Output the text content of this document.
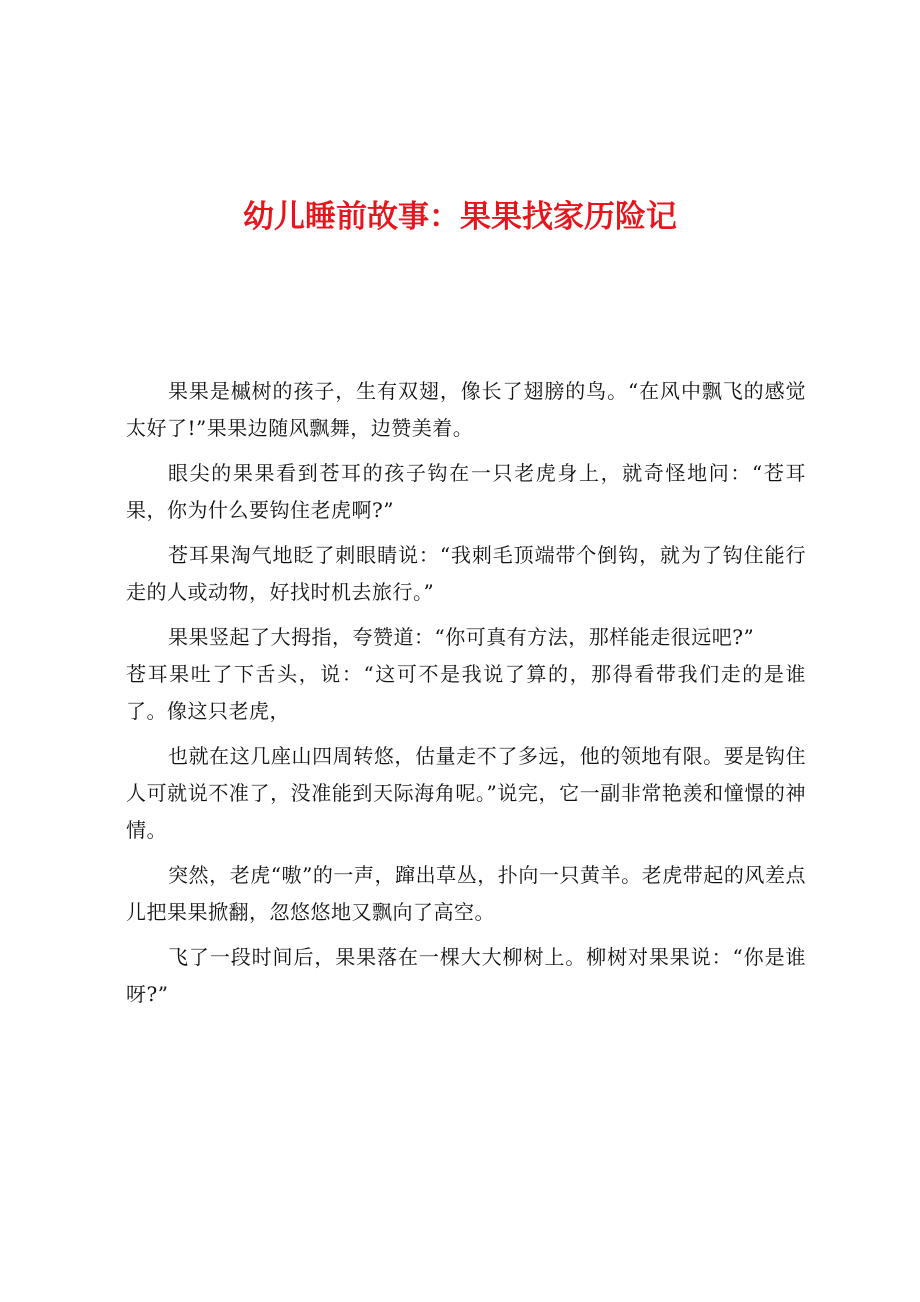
幼儿睡前故事：果果找家历险记

果果是槭树的孩子，生有双翅，像长了翅膀的鸟。“在风中飘飞的感觉太好了!”果果边随风飘舞，边赞美着。

眼尖的果果看到苍耳的孩子钩在一只老虎身上，就奇怪地问：“苍耳果，你为什么要钩住老虎啊?”

苍耳果淘气地眨了刺眼睛说：“我刺毛顶端带个倒钩，就为了钩住能行走的人或动物，好找时机去旅行。”

果果竖起了大拇指，夸赞道：“你可真有方法，那样能走很远吧?”

苍耳果吐了下舌头，说：“这可不是我说了算的，那得看带我们走的是谁了。像这只老虎，

也就在这几座山四周转悠，估量走不了多远，他的领地有限。要是钩住人可就说不准了，没准能到天际海角呢。”说完，它一副非常艳羡和憧憬的神情。

突然，老虎“嗷”的一声，蹿出草丛，扑向一只黄羊。老虎带起的风差点儿把果果掀翻，忽悠悠地又飘向了高空。

飞了一段时间后，果果落在一棵大大柳树上。柳树对果果说：“你是谁呀?”
